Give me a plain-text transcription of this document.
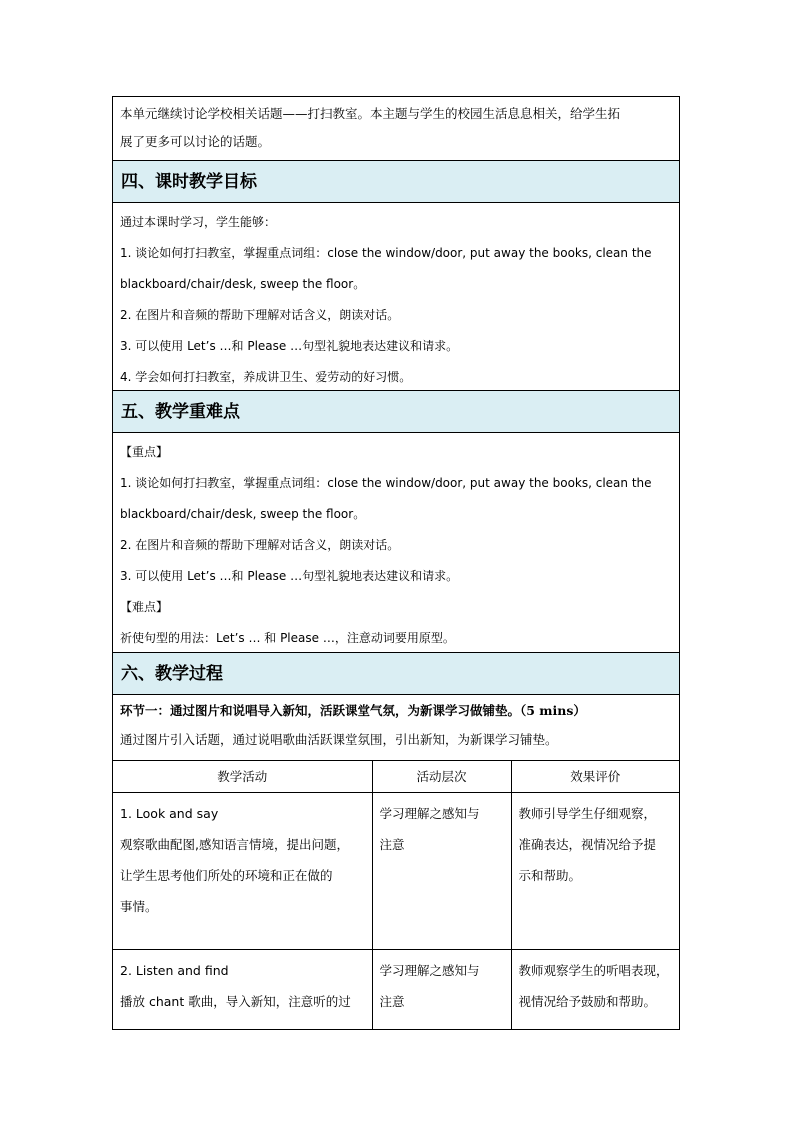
本单元继续讨论学校相关话题——打扫教室。本主题与学生的校园生活息息相关，给学生拓
展了更多可以讨论的话题。
四、课时教学目标

通过本课时学习，学生能够：

1. 谈论如何打扫教室，掌握重点词组：close the window/door, put away the books, clean the

blackboard/chair/desk, sweep the floor。

2. 在图片和音频的帮助下理解对话含义，朗读对话。

3. 可以使用 Let’s …和 Please …句型礼貌地表达建议和请求。

4. 学会如何打扫教室，养成讲卫生、爱劳动的好习惯。

五、教学重难点

【重点】

1. 谈论如何打扫教室，掌握重点词组：close the window/door, put away the books, clean the

blackboard/chair/desk, sweep the floor。

2. 在图片和音频的帮助下理解对话含义，朗读对话。

3. 可以使用 Let’s …和 Please …句型礼貌地表达建议和请求。

【难点】

祈使句型的用法：Let’s … 和 Please …，注意动词要用原型。

六、教学过程
环节一：通过图片和说唱导入新知，活跃课堂气氛，为新课学习做铺垫。（5 mins）
通过图片引入话题，通过说唱歌曲活跃课堂氛围，引出新知，为新课学习铺垫。
教学活动	活动层次	效果评价

1. Look and say
观察歌曲配图,感知语言情境，提出问题，
让学生思考他们所处的环境和正在做的
事情。	学习理解之感知与
注意	教师引导学生仔细观察，
准确表达，视情况给予提
示和帮助。

2. Listen and find
播放 chant 歌曲，导入新知，注意听的过	学习理解之感知与
注意	教师观察学生的听唱表现，
视情况给予鼓励和帮助。
